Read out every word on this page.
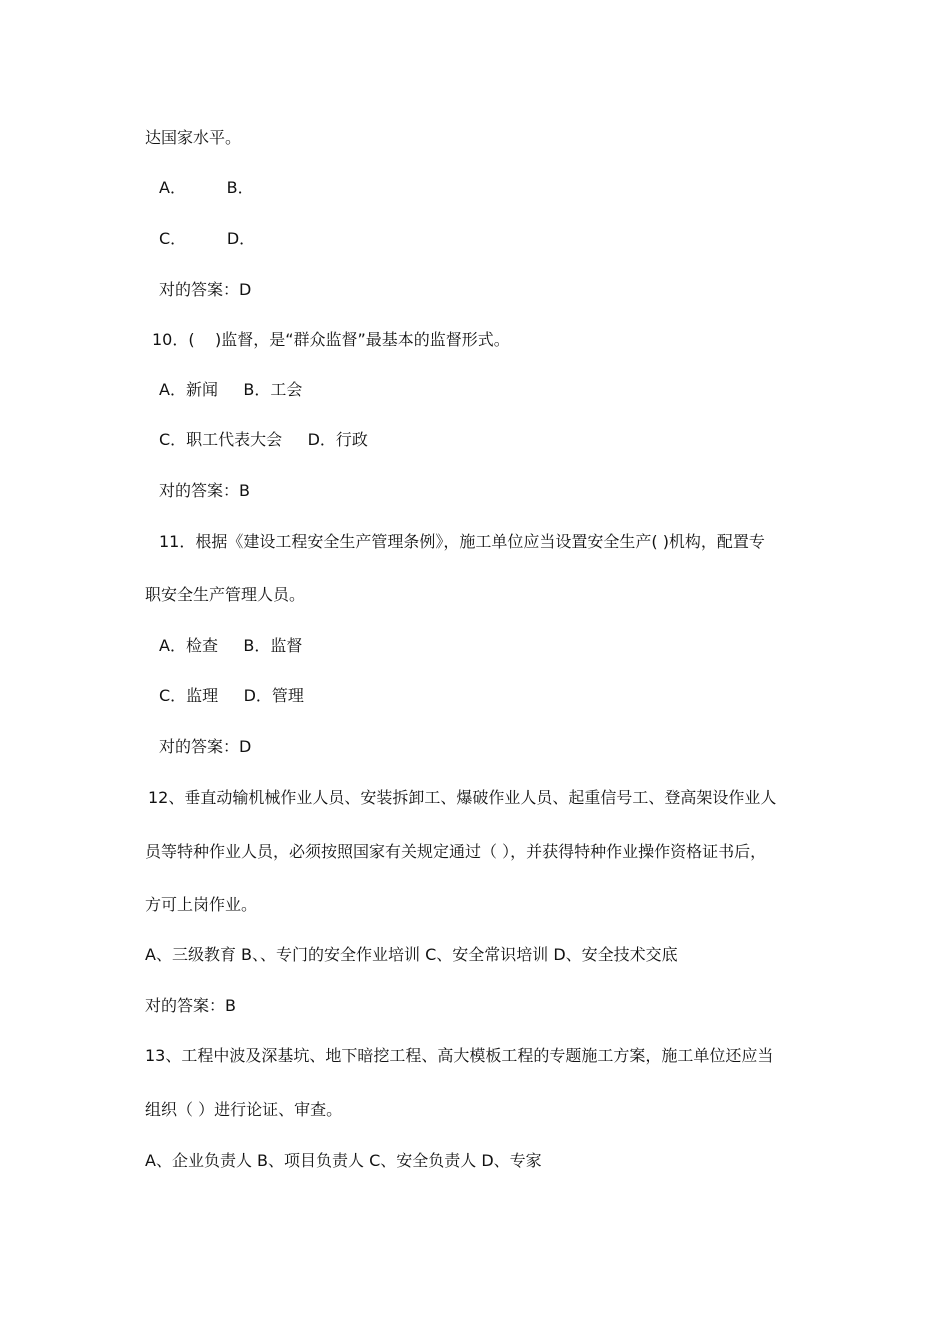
达国家水平。
A．        B．
C．        D．
对的答案：D
10．(    )监督，是“群众监督”最基本的监督形式。
A．新闻     B．工会
C．职工代表大会     D．行政
对的答案：B
11．根据《建设工程安全生产管理条例》，施工单位应当设置安全生产( )机构，配置专
职安全生产管理人员。
A．检查     B．监督
C．监理     D．管理
对的答案：D
12、垂直动输机械作业人员、安装拆卸工、爆破作业人员、起重信号工、登高架设作业人
员等特种作业人员，必须按照国家有关规定通过（ ），并获得特种作业操作资格证书后，
方可上岗作业。
A、三级教育 B、、专门的安全作业培训 C、安全常识培训 D、安全技术交底
对的答案：B
13、工程中波及深基坑、地下暗挖工程、高大模板工程的专题施工方案，施工单位还应当
组织（ ）进行论证、审查。
A、企业负责人 B、项目负责人 C、安全负责人 D、专家
